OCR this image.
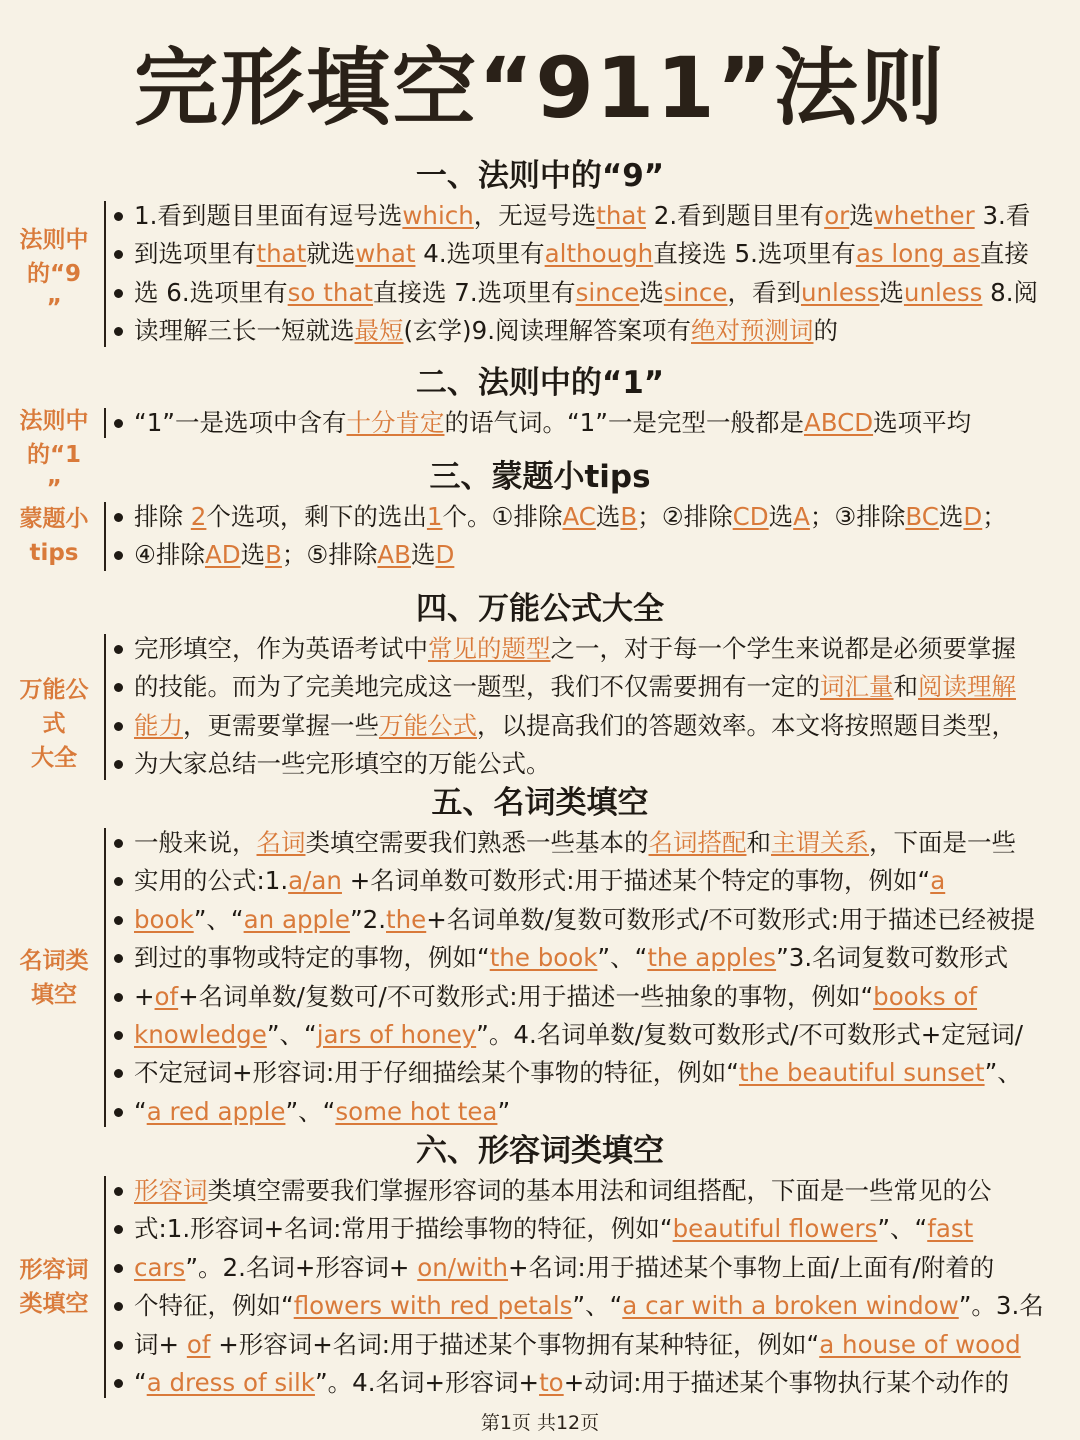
完形填空“911”法则
一、法则中的“9”
法则中
的“9
”
1.看到题目里面有逗号选which，无逗号选that 2.看到题目里有or选whether 3.看
到选项里有that就选what 4.选项里有although直接选 5.选项里有as long as直接
选 6.选项里有so that直接选 7.选项里有since选since，看到unless选unless 8.阅
读理解三长一短就选最短(玄学)9.阅读理解答案项有绝对预测词的
二、法则中的“1”
法则中
的“1
”
“1”一是选项中含有十分肯定的语气词。“1”一是完型一般都是ABCD选项平均
三、蒙题小tips
蒙题小
tips
排除 2个选项，剩下的选出1个。①排除AC选B；②排除CD选A；③排除BC选D；
④排除AD选B；⑤排除AB选D
四、万能公式大全
万能公式
大全
完形填空，作为英语考试中常见的题型之一，对于每一个学生来说都是必须要掌握
的技能。而为了完美地完成这一题型，我们不仅需要拥有一定的词汇量和阅读理解
能力，更需要掌握一些万能公式，以提高我们的答题效率。本文将按照题目类型，
为大家总结一些完形填空的万能公式。
五、名词类填空
名词类
填空
一般来说，名词类填空需要我们熟悉一些基本的名词搭配和主谓关系，下面是一些
实用的公式:1.a/an +名词单数可数形式:用于描述某个特定的事物，例如“a
book”、“an apple”2.the+名词单数/复数可数形式/不可数形式:用于描述已经被提
到过的事物或特定的事物，例如“the book”、“the apples”3.名词复数可数形式
+of+名词单数/复数可/不可数形式:用于描述一些抽象的事物，例如“books of
knowledge”、“jars of honey”。4.名词单数/复数可数形式/不可数形式+定冠词/
不定冠词+形容词:用于仔细描绘某个事物的特征，例如“the beautiful sunset”、
“a red apple”、“some hot tea”
六、形容词类填空
形容词
类填空
形容词类填空需要我们掌握形容词的基本用法和词组搭配，下面是一些常见的公
式:1.形容词+名词:常用于描绘事物的特征，例如“beautiful flowers”、“fast
cars”。2.名词+形容词+ on/with+名词:用于描述某个事物上面/上面有/附着的
个特征，例如“flowers with red petals”、“a car with a broken window”。3.名
词+ of +形容词+名词:用于描述某个事物拥有某种特征，例如“a house of wood
“a dress of silk”。4.名词+形容词+to+动词:用于描述某个事物执行某个动作的
第1页 共12页
